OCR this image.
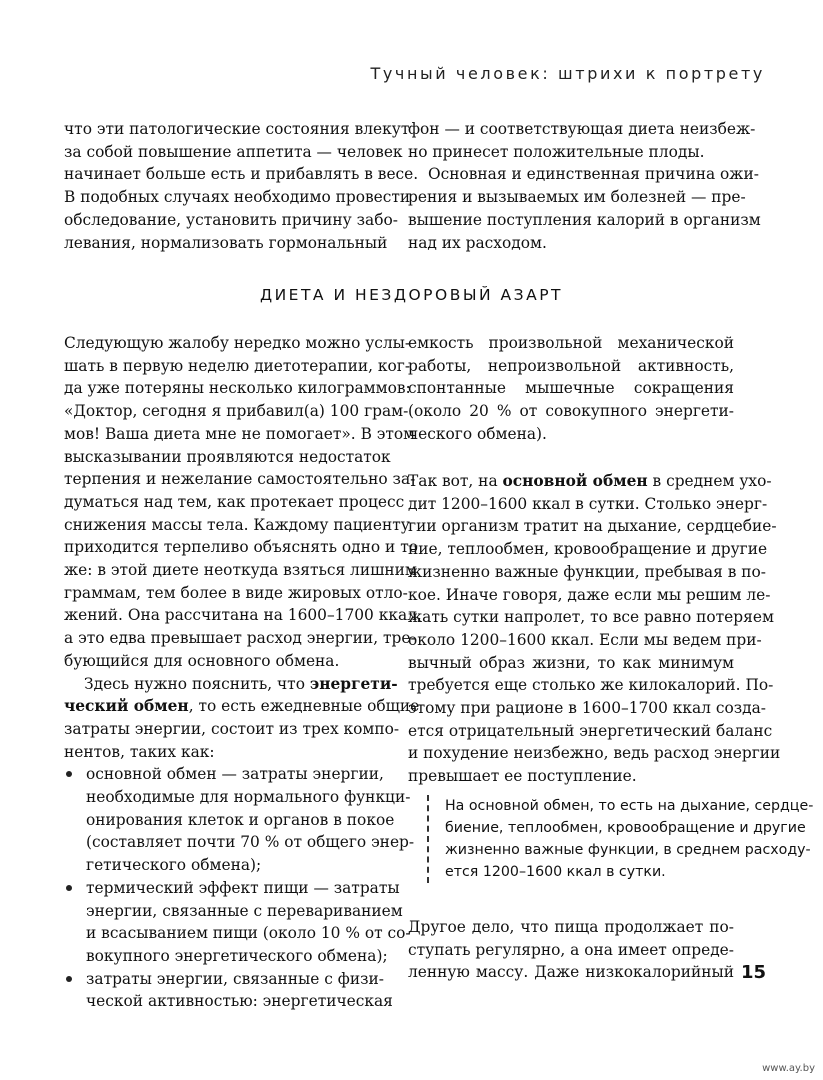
Тучный человек: штрихи к портрету
что эти патологические состояния влекут
за собой повышение аппетита — человек
начинает больше есть и прибавлять в весе.
В подобных случаях необходимо провести
обследование, установить причину забо-
левания, нормализовать гормональный
фон — и соответствующая диета неизбеж-
но принесет положительные плоды.
Основная и единственная причина ожи-
рения и вызываемых им болезней — пре-
вышение поступления калорий в организм
над их расходом.
ДИЕТА И НЕЗДОРОВЫЙ АЗАРТ
Следующую жалобу нередко можно услы-
шать в первую неделю диетотерапии, ког-
да уже потеряны несколько килограммов:
«Доктор, сегодня я прибавил(а) 100 грам-
мов! Ваша диета мне не помогает». В этом
высказывании проявляются недостаток
терпения и нежелание самостоятельно за-
думаться над тем, как протекает процесс
снижения массы тела. Каждому пациенту
приходится терпеливо объяснять одно и то
же: в этой диете неоткуда взяться лишним
граммам, тем более в виде жировых отло-
жений. Она рассчитана на 1600–1700 ккал,
а это едва превышает расход энергии, тре-
бующийся для основного обмена.
Здесь нужно пояснить, что энергети-
ческий обмен, то есть ежедневные общие
затраты энергии, состоит из трех компо-
нентов, таких как:
основной обмен — затраты энергии,
необходимые для нормального функци-
онирования клеток и органов в покое
(составляет почти 70 % от общего энер-
гетического обмена);
термический эффект пищи — затраты
энергии, связанные с перевариванием
и всасыванием пищи (около 10 % от со-
вокупного энергетического обмена);
затраты энергии, связанные с физи-
ческой активностью: энергетическая
емкость произвольной механической
работы, непроизвольной активность,
спонтанные мышечные сокращения
(около 20 % от совокупного энергети-
ческого обмена).
Так вот, на основной обмен в среднем ухо-
дит 1200–1600 ккал в сутки. Столько энерг-
гии организм тратит на дыхание, сердцебие-
ние, теплообмен, кровообращение и другие
жизненно важные функции, пребывая в по-
кое. Иначе говоря, даже если мы решим ле-
жать сутки напролет, то все равно потеряем
около 1200–1600 ккал. Если мы ведем при-
вычный образ жизни, то как минимум
требуется еще столько же килокалорий. По-
этому при рационе в 1600–1700 ккал созда-
ется отрицательный энергетический баланс
и похудение неизбежно, ведь расход энергии
превышает ее поступление.
На основной обмен, то есть на дыхание, сердце-
биение, теплообмен, кровообращение и другие
жизненно важные функции, в среднем расходу-
ется 1200–1600 ккал в сутки.
Другое дело, что пища продолжает по-
ступать регулярно, а она имеет опреде-
ленную массу. Даже низкокалорийный 15
www.ay.by
